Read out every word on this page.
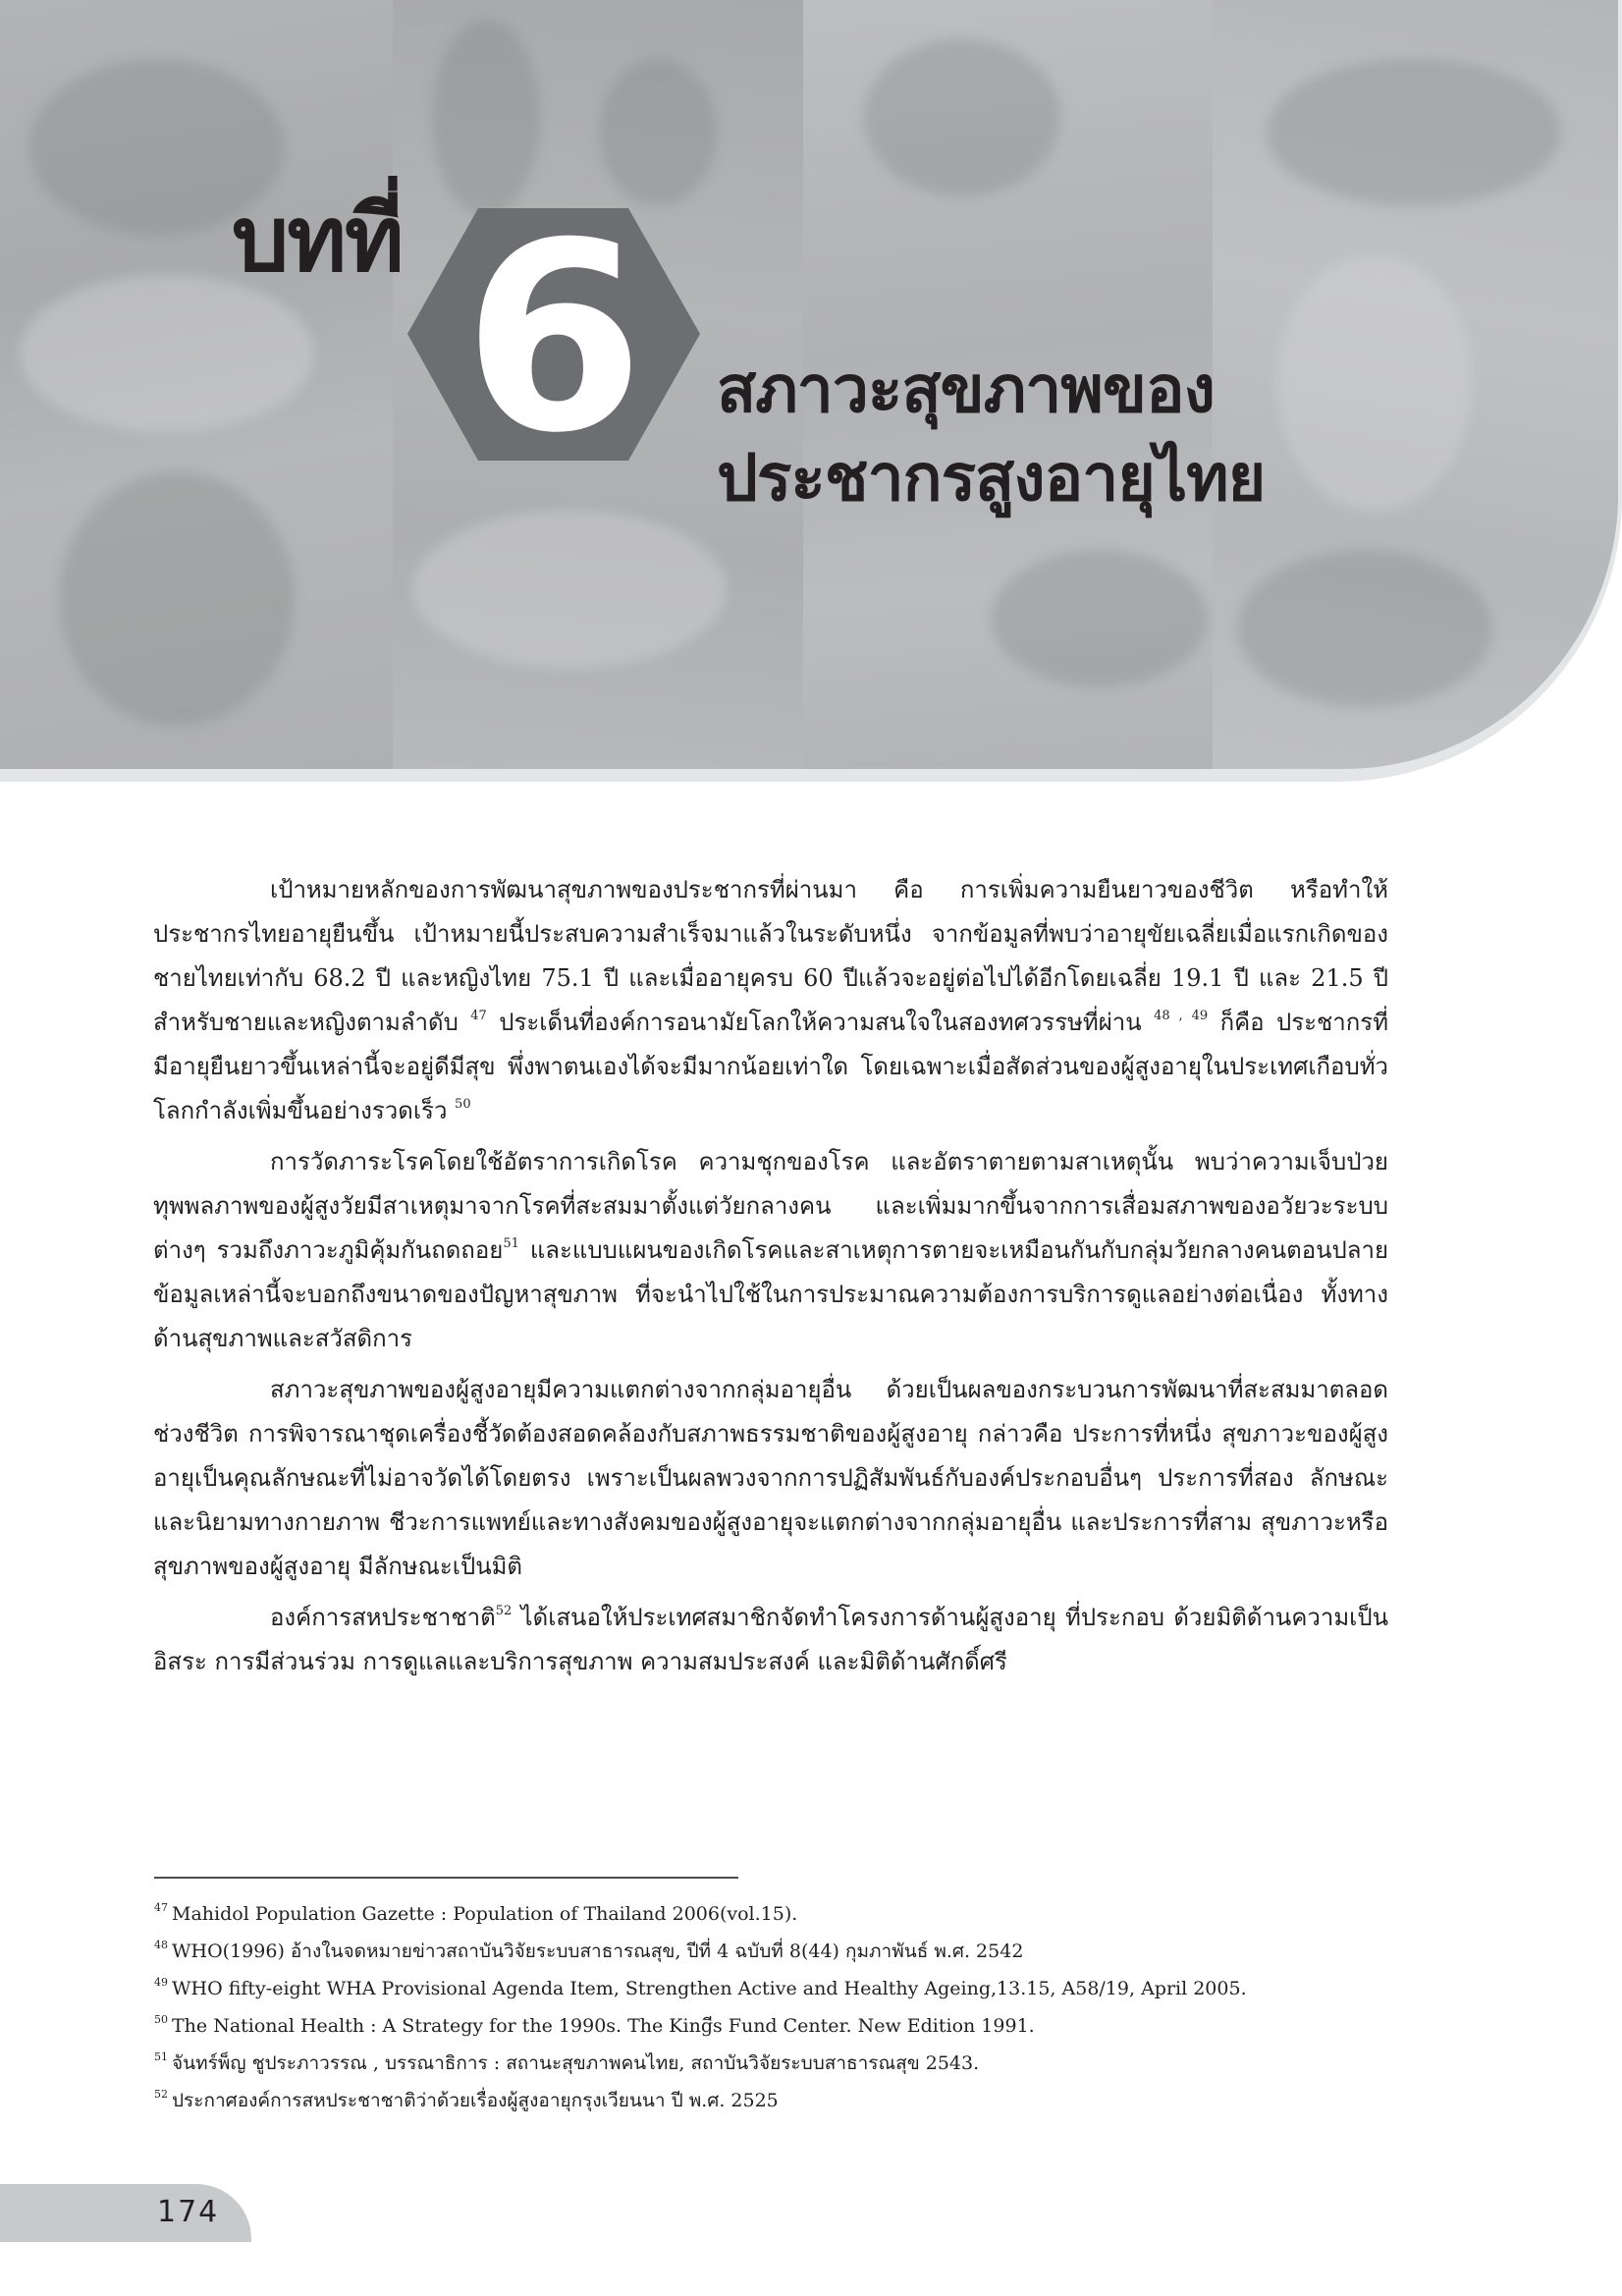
บทที่ 6	สภาวะสุขภาพของ
ประชากรสูงอายุไทย

เป้าหมายหลักของการพัฒนาสุขภาพของประชากรที่ผ่านมา คือ การเพิ่มความยืนยาวของชีวิต หรือทำให้ประชากรไทยอายุยืนขึ้น เป้าหมายนี้ประสบความสำเร็จมาแล้วในระดับหนึ่ง จากข้อมูลที่พบว่าอายุขัยเฉลี่ยเมื่อแรกเกิดของชายไทยเท่ากับ 68.2 ปี และหญิงไทย 75.1 ปี และเมื่ออายุครบ 60 ปีแล้วจะอยู่ต่อไปได้อีกโดยเฉลี่ย 19.1 ปี และ 21.5 ปี สำหรับชายและหญิงตามลำดับ $^{47}$ ประเด็นที่องค์การอนามัยโลกให้ความสนใจในสองทศวรรษที่ผ่าน $^{48 , 49}$ ก็คือ ประชากรที่มีอายุยืนยาวขึ้นเหล่านี้จะอยู่ดีมีสุข พึ่งพาตนเองได้จะมีมากน้อยเท่าใด โดยเฉพาะเมื่อสัดส่วนของผู้สูงอายุในประเทศเกือบทั่วโลกกำลังเพิ่มขึ้นอย่างรวดเร็ว $^{50}$

การวัดภาระโรคโดยใช้อัตราการเกิดโรค ความชุกของโรค และอัตราตายตามสาเหตุนั้น พบว่าความเจ็บป่วยทุพพลภาพของผู้สูงวัยมีสาเหตุมาจากโรคที่สะสมมาตั้งแต่วัยกลางคน และเพิ่มมากขึ้นจากการเสื่อมสภาพของอวัยวะระบบต่างๆ รวมถึงภาวะภูมิคุ้มกันถดถอย$^{51}$ และแบบแผนของเกิดโรคและสาเหตุการตายจะเหมือนกันกับกลุ่มวัยกลางคนตอนปลาย ข้อมูลเหล่านี้จะบอกถึงขนาดของปัญหาสุขภาพ ที่จะนำไปใช้ในการประมาณความต้องการบริการดูแลอย่างต่อเนื่อง ทั้งทางด้านสุขภาพและสวัสดิการ

สภาวะสุขภาพของผู้สูงอายุมีความแตกต่างจากกลุ่มอายุอื่น ด้วยเป็นผลของกระบวนการพัฒนาที่สะสมมาตลอดช่วงชีวิต การพิจารณาชุดเครื่องชี้วัดต้องสอดคล้องกับสภาพธรรมชาติของผู้สูงอายุ กล่าวคือ ประการที่หนึ่ง สุขภาวะของผู้สูงอายุเป็นคุณลักษณะที่ไม่อาจวัดได้โดยตรง เพราะเป็นผลพวงจากการปฏิสัมพันธ์กับองค์ประกอบอื่นๆ ประการที่สอง ลักษณะและนิยามทางกายภาพ ชีวะการแพทย์และทางสังคมของผู้สูงอายุจะแตกต่างจากกลุ่มอายุอื่น และประการที่สาม สุขภาวะหรือสุขภาพของผู้สูงอายุ มีลักษณะเป็นมิติ

องค์การสหประชาชาติ$^{52}$ ได้เสนอให้ประเทศสมาชิกจัดทำโครงการด้านผู้สูงอายุ ที่ประกอบ ด้วยมิติด้านความเป็นอิสระ การมีส่วนร่วม การดูแลและบริการสุขภาพ ความสมประสงค์ และมิติด้านศักดิ์ศรี

$^{47}$ Mahidol Population Gazette : Population of Thailand 2006(vol.15).
$^{48}$ WHO(1996) อ้างในจดหมายข่าวสถาบันวิจัยระบบสาธารณสุข, ปีที่ 4 ฉบับที่ 8(44) กุมภาพันธ์ พ.ศ. 2542
$^{49}$ WHO fifty-eight WHA Provisional Agenda Item, Strengthen Active and Healthy Ageing,13.15, A58/19, April 2005.
$^{50}$ The National Health : A Strategy for the 1990s. The Kingีs Fund Center. New Edition 1991.
$^{51}$ จันทร์พ็ญ ชูประภาวรรณ , บรรณาธิการ : สถานะสุขภาพคนไทย, สถาบันวิจัยระบบสาธารณสุข 2543.
$^{52}$ ประกาศองค์การสหประชาชาติว่าด้วยเรื่องผู้สูงอายุกรุงเวียนนา ปี พ.ศ. 2525
174
